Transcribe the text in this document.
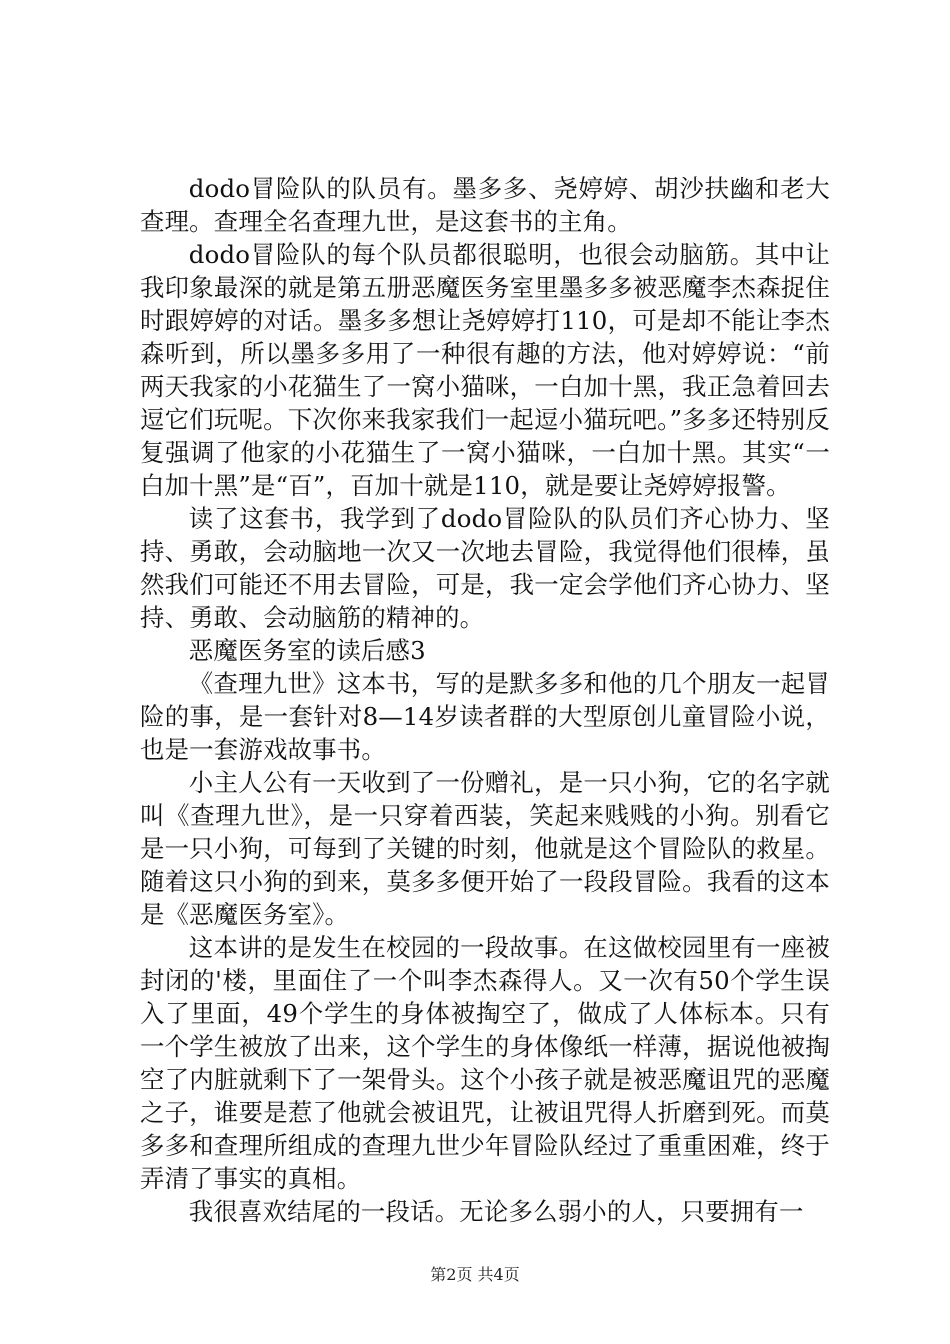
dodo冒险队的队员有。墨多多、尧婷婷、胡沙扶幽和老大查理。查理全名查理九世，是这套书的主角。

dodo冒险队的每个队员都很聪明，也很会动脑筋。其中让我印象最深的就是第五册恶魔医务室里墨多多被恶魔李杰森捉住时跟婷婷的对话。墨多多想让尧婷婷打110，可是却不能让李杰森听到，所以墨多多用了一种很有趣的方法，他对婷婷说：“前两天我家的小花猫生了一窝小猫咪，一白加十黑，我正急着回去逗它们玩呢。下次你来我家我们一起逗小猫玩吧。”多多还特别反复强调了他家的小花猫生了一窝小猫咪，一白加十黑。其实“一白加十黑”是“百”，百加十就是110，就是要让尧婷婷报警。

读了这套书，我学到了dodo冒险队的队员们齐心协力、坚持、勇敢，会动脑地一次又一次地去冒险，我觉得他们很棒，虽然我们可能还不用去冒险，可是，我一定会学他们齐心协力、坚持、勇敢、会动脑筋的精神的。

恶魔医务室的读后感3

《查理九世》这本书，写的是默多多和他的几个朋友一起冒险的事，是一套针对8—14岁读者群的大型原创儿童冒险小说，也是一套游戏故事书。

小主人公有一天收到了一份赠礼，是一只小狗，它的名字就叫《查理九世》，是一只穿着西装，笑起来贱贱的小狗。别看它是一只小狗，可每到了关键的时刻，他就是这个冒险队的救星。随着这只小狗的到来，莫多多便开始了一段段冒险。我看的这本是《恶魔医务室》。

这本讲的是发生在校园的一段故事。在这做校园里有一座被封闭的'楼，里面住了一个叫李杰森得人。又一次有50个学生误入了里面，49个学生的身体被掏空了，做成了人体标本。只有一个学生被放了出来，这个学生的身体像纸一样薄，据说他被掏空了内脏就剩下了一架骨头。这个小孩子就是被恶魔诅咒的恶魔之子，谁要是惹了他就会被诅咒，让被诅咒得人折磨到死。而莫多多和查理所组成的查理九世少年冒险队经过了重重困难，终于弄清了事实的真相。

我很喜欢结尾的一段话。无论多么弱小的人，只要拥有一

第2页 共4页
